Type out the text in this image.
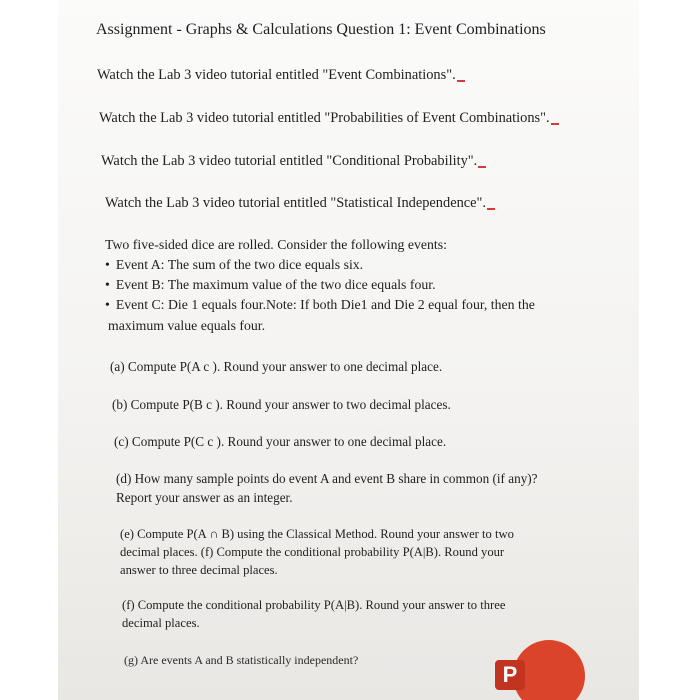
Assignment - Graphs & Calculations Question 1: Event Combinations
Watch the Lab 3 video tutorial entitled "Event Combinations".
Watch the Lab 3 video tutorial entitled "Probabilities of Event Combinations".
Watch the Lab 3 video tutorial entitled "Conditional Probability".
Watch the Lab 3 video tutorial entitled "Statistical Independence".
Two five-sided dice are rolled. Consider the following events:
• Event A: The sum of the two dice equals six.
• Event B: The maximum value of the two dice equals four.
• Event C: Die 1 equals four.Note: If both Die1 and Die 2 equal four, then the
maximum value equals four.
(a) Compute P(A c ). Round your answer to one decimal place.
(b) Compute P(B c ). Round your answer to two decimal places.
(c) Compute P(C c ). Round your answer to one decimal place.
(d) How many sample points do event A and event B share in common (if any)?
Report your answer as an integer.
(e) Compute P(A ∩ B) using the Classical Method. Round your answer to two
decimal places. (f) Compute the conditional probability P(A|B). Round your
answer to three decimal places.
(f) Compute the conditional probability P(A|B). Round your answer to three
decimal places.
(g) Are events A and B statistically independent?
P
